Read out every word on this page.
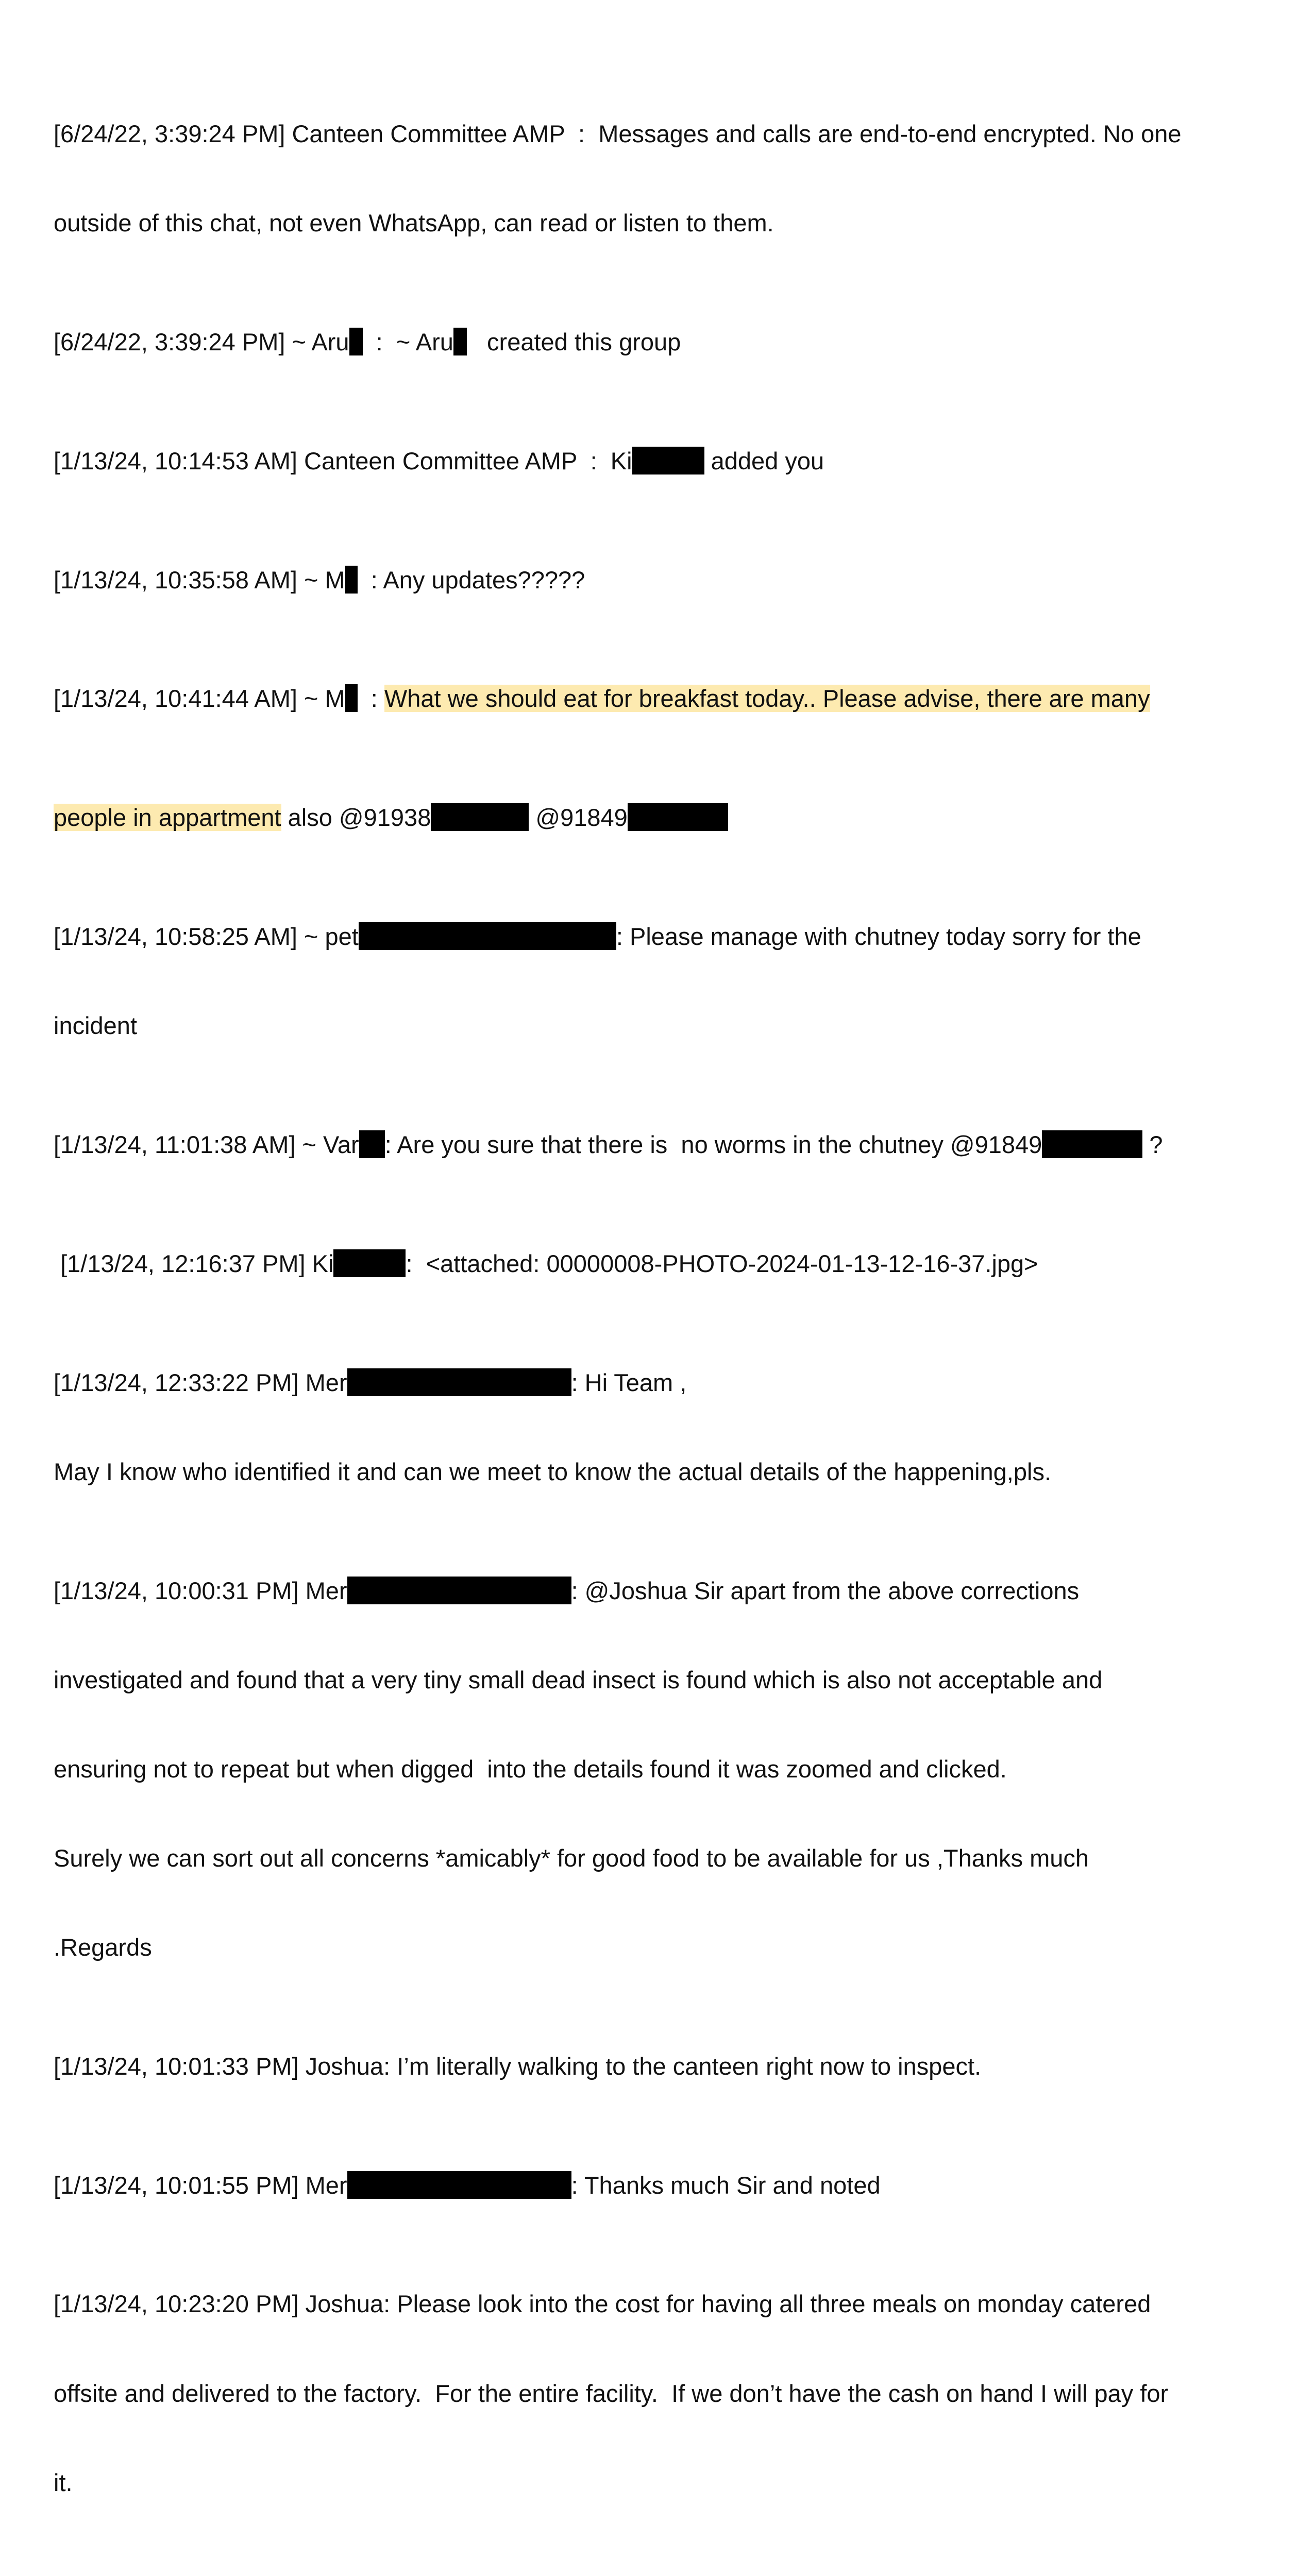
[6/24/22, 3:39:24 PM] Canteen Committee AMP  :  Messages and calls are end-to-end encrypted. No one

outside of this chat, not even WhatsApp, can read or listen to them.

[6/24/22, 3:39:24 PM] ~ Aru  :  ~ Aru   created this group

[1/13/24, 10:14:53 AM] Canteen Committee AMP  :  Ki	added you

[1/13/24, 10:35:58 AM] ~ M  : Any updates?????

[1/13/24, 10:41:44 AM] ~ M  : What we should eat for breakfast today.. Please advise, there are many

people in appartment also @91938	@91849

[1/13/24, 10:58:25 AM] ~ pet	: Please manage with chutney today sorry for the

incident

[1/13/24, 11:01:38 AM] ~ Var : Are you sure that there is  no worms in the chutney @91849	?

[1/13/24, 12:16:37 PM] Ki	:  <attached: 00000008-PHOTO-2024-01-13-12-16-37.jpg>

[1/13/24, 12:33:22 PM] Mer	: Hi Team ,

May I know who identified it and can we meet to know the actual details of the happening,pls.

[1/13/24, 10:00:31 PM] Mer	: @Joshua Sir apart from the above corrections

investigated and found that a very tiny small dead insect is found which is also not acceptable and

ensuring not to repeat but when digged  into the details found it was zoomed and clicked.

Surely we can sort out all concerns *amicably* for good food to be available for us ,Thanks much

.Regards

[1/13/24, 10:01:33 PM] Joshua: I’m literally walking to the canteen right now to inspect.

[1/13/24, 10:01:55 PM] Mer	: Thanks much Sir and noted

[1/13/24, 10:23:20 PM] Joshua: Please look into the cost for having all three meals on monday catered

offsite and delivered to the factory.  For the entire facility.  If we don’t have the cash on hand I will pay for

it.
